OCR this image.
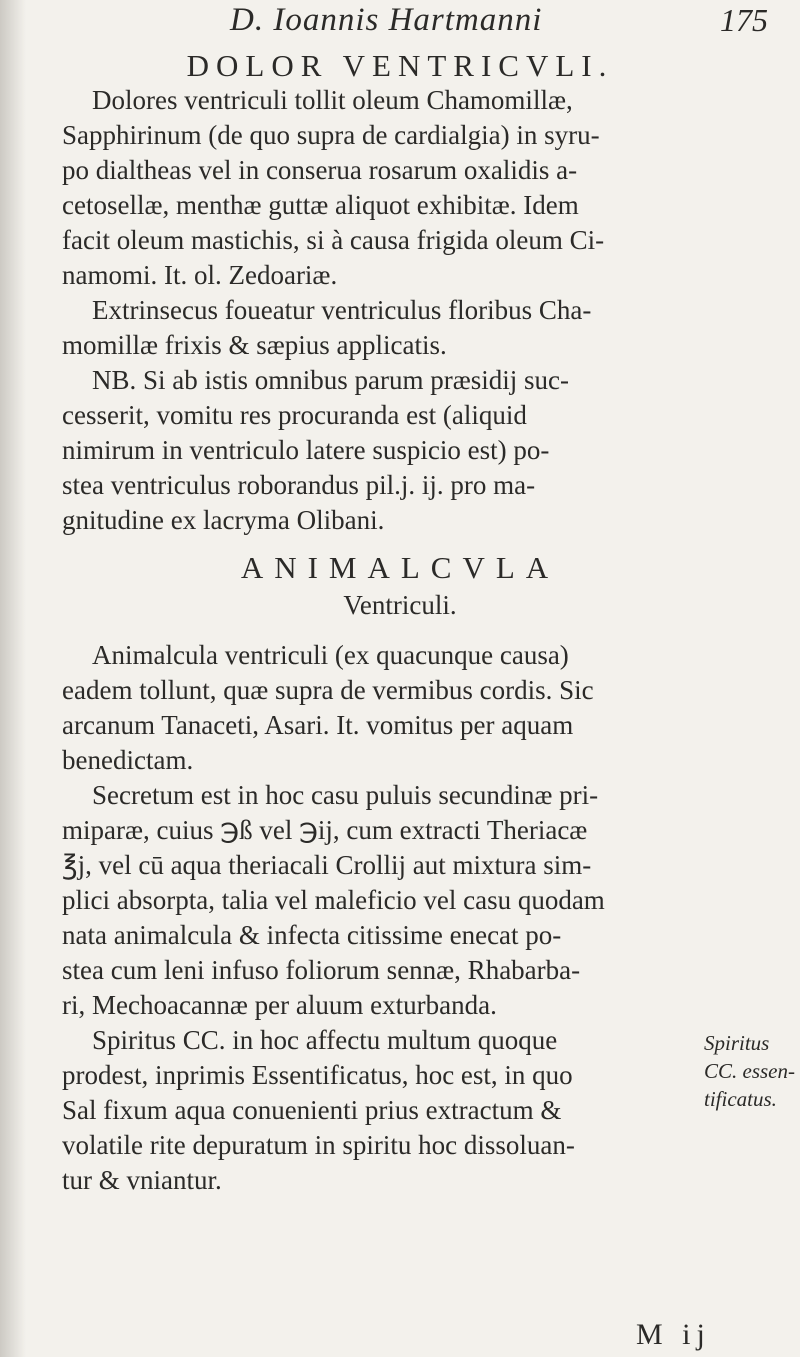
D. Ioannis Hartmanni	175
DOLOR VENTRICVLI.
Dolores ventriculi tollit oleum Chamomillæ,
Sapphirinum (de quo supra de cardialgia) in syru-
po dialtheas vel in conserua rosarum oxalidis a-
cetosellæ, menthæ guttæ aliquot exhibitæ. Idem
facit oleum mastichis, si à causa frigida oleum Ci-
namomi. It. ol. Zedoariæ.
Extrinsecus foueatur ventriculus floribus Cha-
momillæ frixis & sæpius applicatis.
NB. Si ab istis omnibus parum præsidij suc-
cesserit, vomitu res procuranda est (aliquid
nimirum in ventriculo latere suspicio est) po-
stea ventriculus roborandus pil.j. ij. pro ma-
gnitudine ex lacryma Olibani.
ANIMALCVLA
Ventriculi.
Animalcula ventriculi (ex quacunque causa)
eadem tollunt, quæ supra de vermibus cordis. Sic
arcanum Tanaceti, Asari. It. vomitus per aquam
benedictam.
Secretum est in hoc casu puluis secundinæ pri-
miparæ, cuius ℈ß vel ℈ij, cum extracti Theriacæ
℥j, vel cū aqua theriacali Crollij aut mixtura sim-
plici absorpta, talia vel maleficio vel casu quodam
nata animalcula & infecta citissime enecat po-
stea cum leni infuso foliorum sennæ, Rhabarba-
ri, Mechoacannæ per aluum exturbanda.
Spiritus CC. in hoc affectu multum quoque
prodest, inprimis Essentificatus, hoc est, in quo
Sal fixum aqua conuenienti prius extractum &
volatile rite depuratum in spiritu hoc dissoluan-
tur & vniantur.
Spiritus
CC. essen-
tificatus.
M ij
